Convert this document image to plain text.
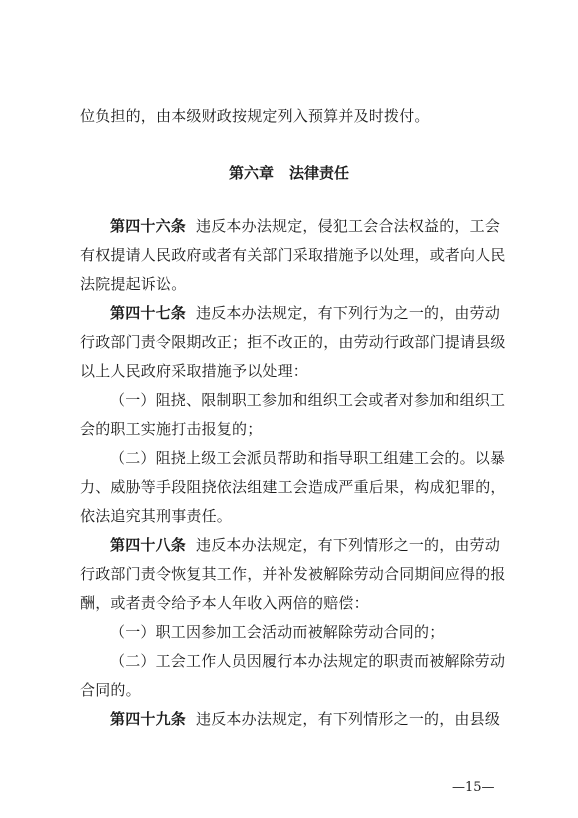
位负担的，由本级财政按规定列入预算并及时拨付。
第六章　法律责任
第四十六条 违反本办法规定，侵犯工会合法权益的，工会
有权提请人民政府或者有关部门采取措施予以处理，或者向人民
法院提起诉讼。
第四十七条 违反本办法规定，有下列行为之一的，由劳动
行政部门责令限期改正；拒不改正的，由劳动行政部门提请县级
以上人民政府采取措施予以处理：
（一）阻挠、限制职工参加和组织工会或者对参加和组织工
会的职工实施打击报复的；
（二）阻挠上级工会派员帮助和指导职工组建工会的。以暴
力、威胁等手段阻挠依法组建工会造成严重后果，构成犯罪的，
依法追究其刑事责任。
第四十八条 违反本办法规定，有下列情形之一的，由劳动
行政部门责令恢复其工作，并补发被解除劳动合同期间应得的报
酬，或者责令给予本人年收入两倍的赔偿：
（一）职工因参加工会活动而被解除劳动合同的；
（二）工会工作人员因履行本办法规定的职责而被解除劳动
合同的。
第四十九条 违反本办法规定，有下列情形之一的，由县级
—15—
